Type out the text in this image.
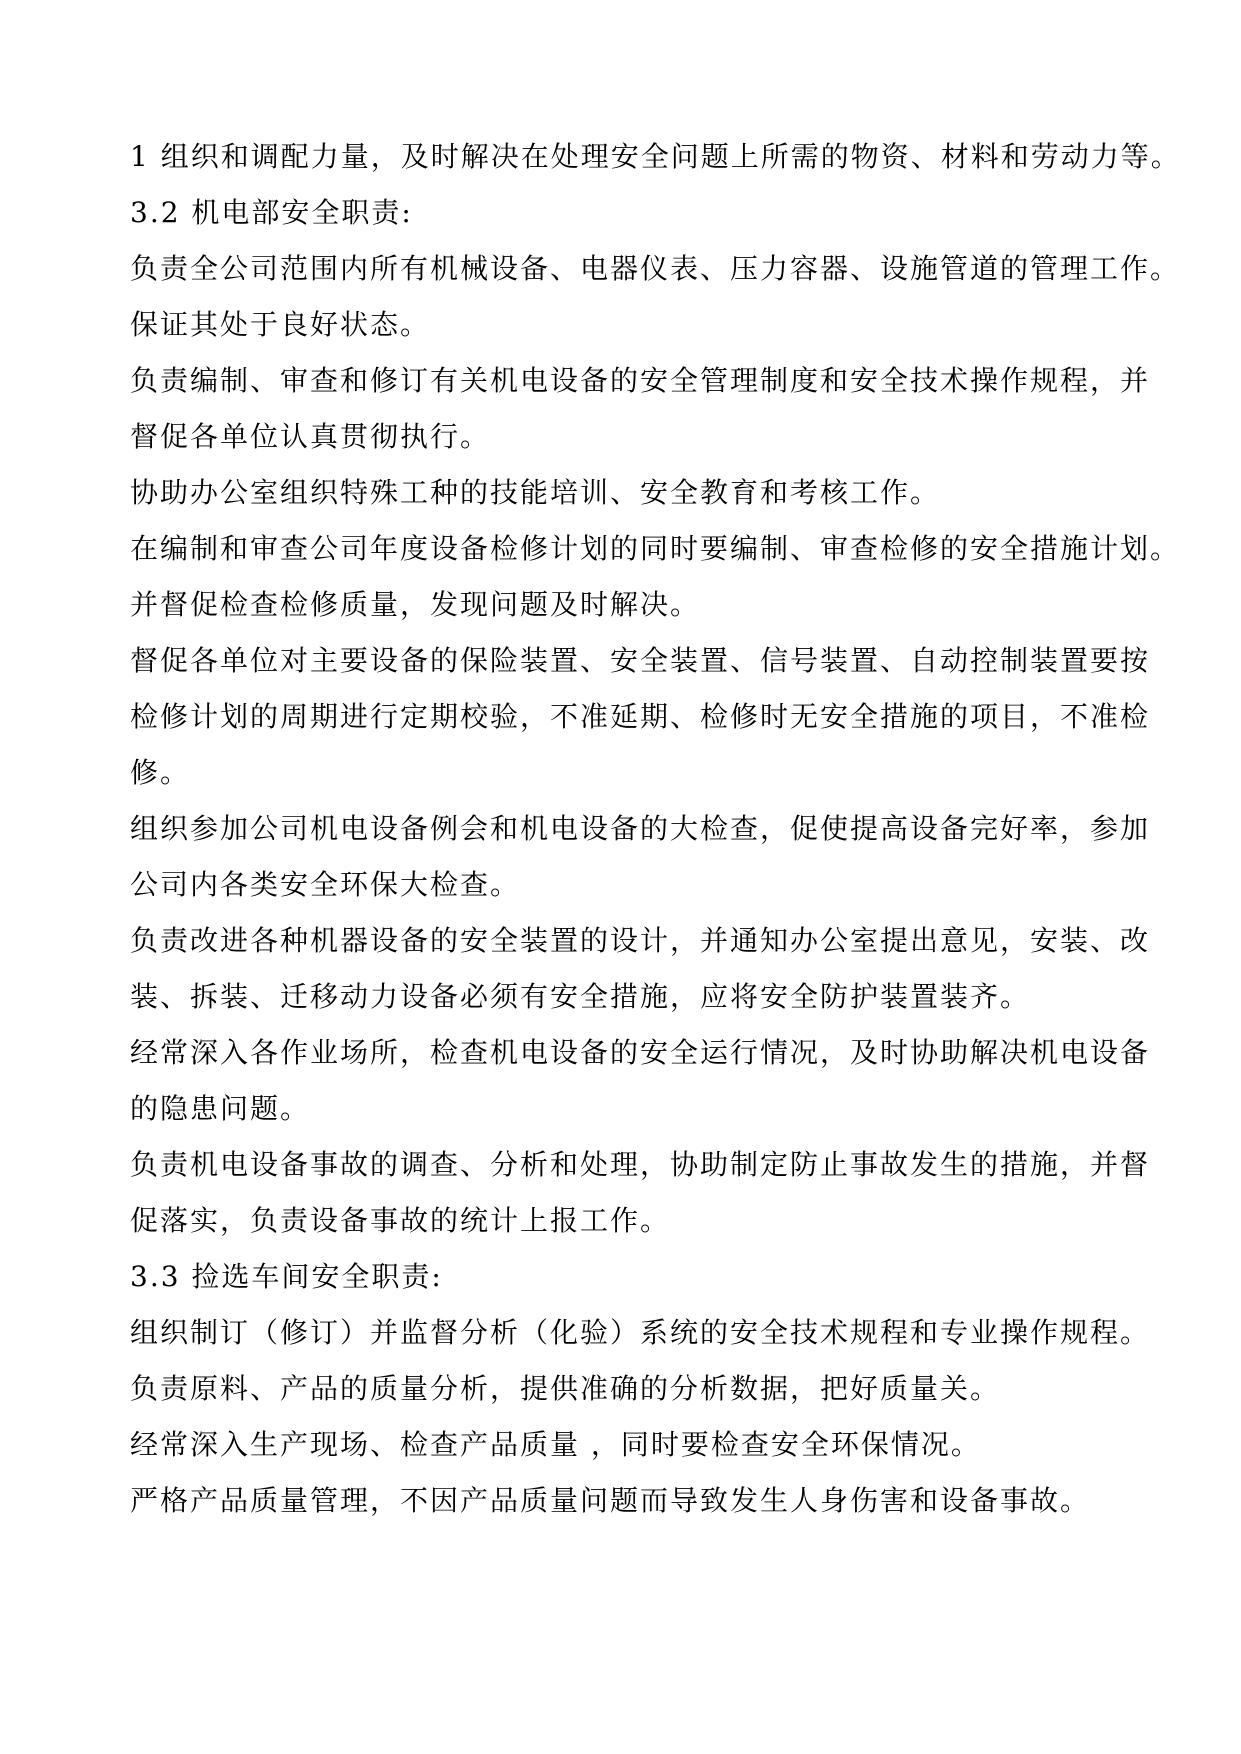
1 组织和调配力量，及时解决在处理安全问题上所需的物资、材料和劳动力等。
3.2 机电部安全职责:
负责全公司范围内所有机械设备、电器仪表、压力容器、设施管道的管理工作。
保证其处于良好状态。
负责编制、审查和修订有关机电设备的安全管理制度和安全技术操作规程，并
督促各单位认真贯彻执行。
协助办公室组织特殊工种的技能培训、安全教育和考核工作。
在编制和审查公司年度设备检修计划的同时要编制、审查检修的安全措施计划。
并督促检查检修质量，发现问题及时解决。
督促各单位对主要设备的保险装置、安全装置、信号装置、自动控制装置要按
检修计划的周期进行定期校验，不准延期、检修时无安全措施的项目，不准检
修。
组织参加公司机电设备例会和机电设备的大检查，促使提高设备完好率，参加
公司内各类安全环保大检查。
负责改进各种机器设备的安全装置的设计，并通知办公室提出意见，安装、改
装、拆装、迁移动力设备必须有安全措施，应将安全防护装置装齐。
经常深入各作业场所，检查机电设备的安全运行情况，及时协助解决机电设备
的隐患问题。
负责机电设备事故的调查、分析和处理，协助制定防止事故发生的措施，并督
促落实，负责设备事故的统计上报工作。
3.3 捡选车间安全职责:
组织制订（修订）并监督分析（化验）系统的安全技术规程和专业操作规程。
负责原料、产品的质量分析，提供准确的分析数据，把好质量关。
经常深入生产现场、检查产品质量 ，同时要检查安全环保情况。
严格产品质量管理，不因产品质量问题而导致发生人身伤害和设备事故。
